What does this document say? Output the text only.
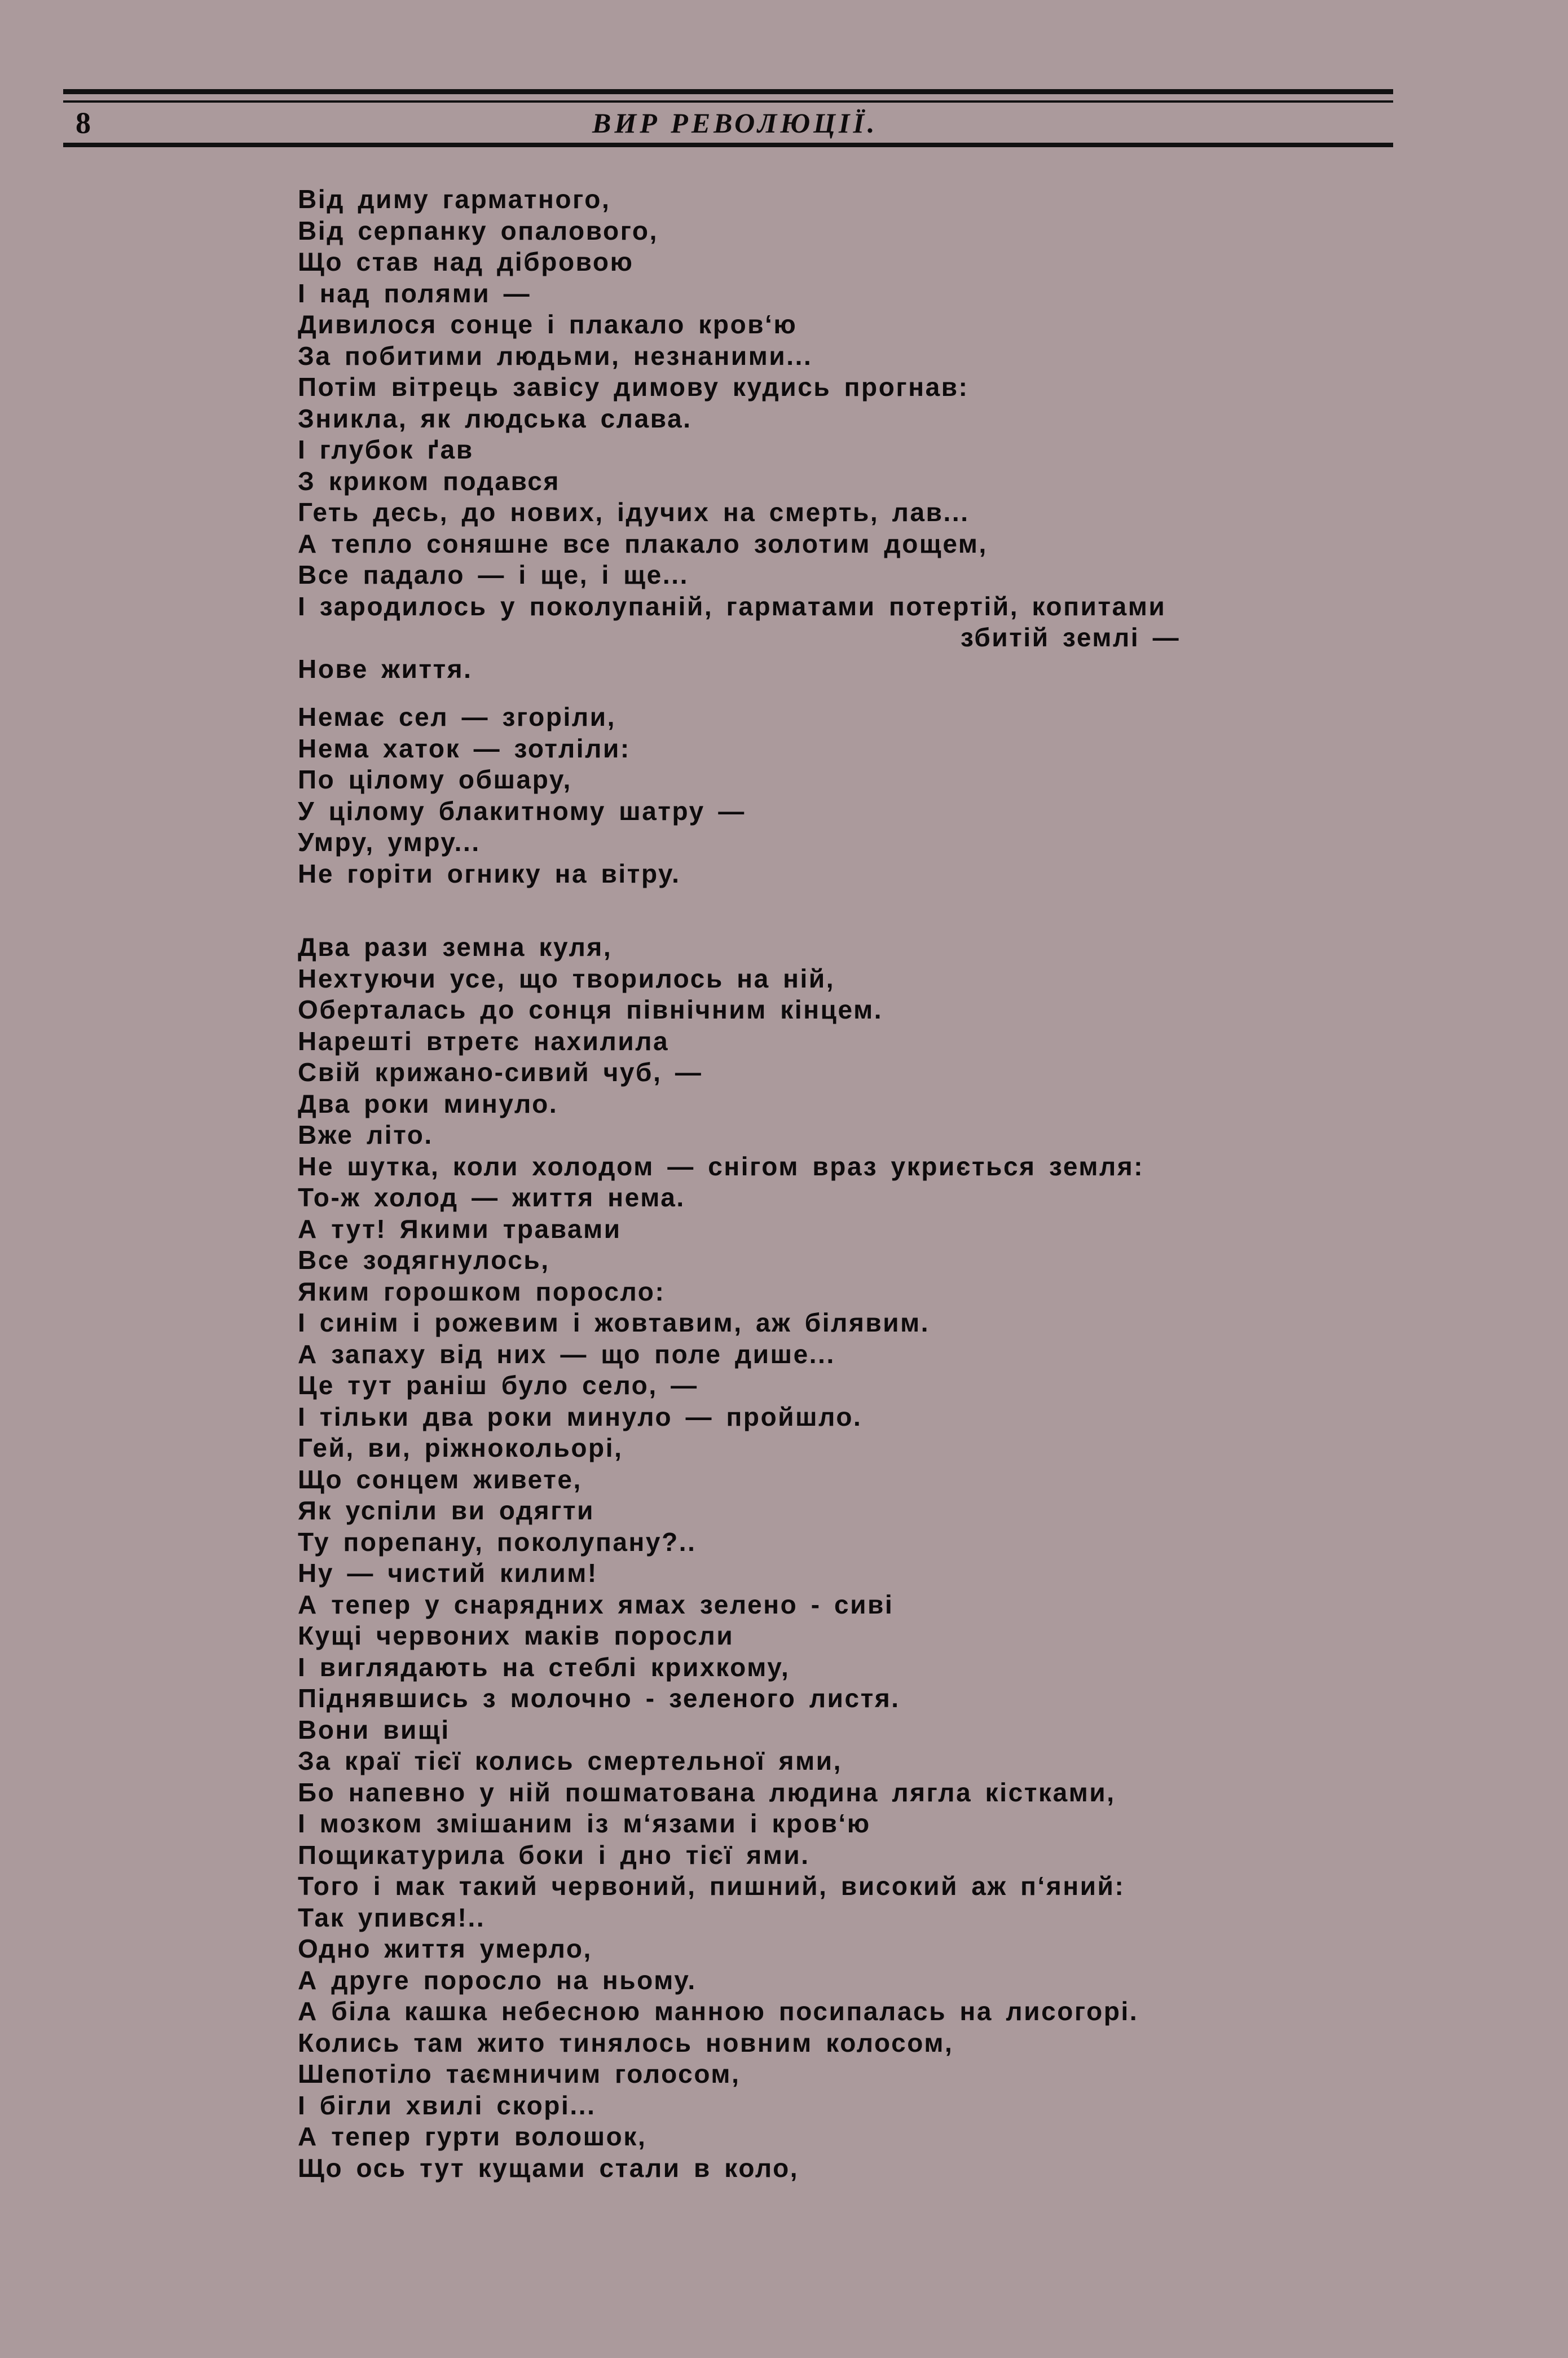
8	ВИР РЕВОЛЮЦІЇ.
Від диму гарматного,
Від серпанку опалового,
Що став над дібровою
І над полями —
Дивилося сонце і плакало кров‘ю
За побитими людьми, незнаними...
Потім вітрець завісу димову кудись прогнав:
Зникла, як людська слава.
І глубок ґав
З криком подався
Геть десь, до нових, ідучих на смерть, лав...
А тепло соняшне все плакало золотим дощем,
Все падало — і ще, і ще...
І зародилось у поколупаній, гарматами потертій, копитами
збитій землі —
Нове життя.
Немає сел — згоріли,
Нема хаток — зотліли:
По цілому обшару,
У цілому блакитному шатру —
Умру, умру...
Не горіти огнику на вітру.
Два рази земна куля,
Нехтуючи усе, що творилось на ній,
Оберталась до сонця північним кінцем.
Нарешті втретє нахилила
Свій крижано-сивий чуб, —
Два роки минуло.
Вже літо.
Не шутка, коли холодом — снігом враз укриється земля:
То-ж холод — життя нема.
А тут! Якими травами
Все зодягнулось,
Яким горошком поросло:
І синім і рожевим і жовтавим, аж білявим.
А запаху від них — що поле дише...
Це тут раніш було село, —
І тільки два роки минуло — пройшло.
Гей, ви, ріжнокольорі,
Що сонцем живете,
Як успіли ви одягти
Ту порепану, поколупану?..
Ну — чистий килим!
А тепер у снарядних ямах зелено - сиві
Кущі червоних маків поросли
І виглядають на стеблі крихкому,
Піднявшись з молочно - зеленого листя.
Вони вищі
За краї тієї колись смертельної ями,
Бо напевно у ній пошматована людина лягла кістками,
І мозком змішаним із м‘язами і кров‘ю
Пощикатурила боки і дно тієї ями.
Того і мак такий червоний, пишний, високий аж п‘яний:
Так упився!..
Одно життя умерло,
А друге поросло на ньому.
А біла кашка небесною манною посипалась на лисогорі.
Колись там жито тинялось новним колосом,
Шепотіло таємничим голосом,
І бігли хвилі скорі...
А тепер гурти волошок,
Що ось тут кущами стали в коло,
